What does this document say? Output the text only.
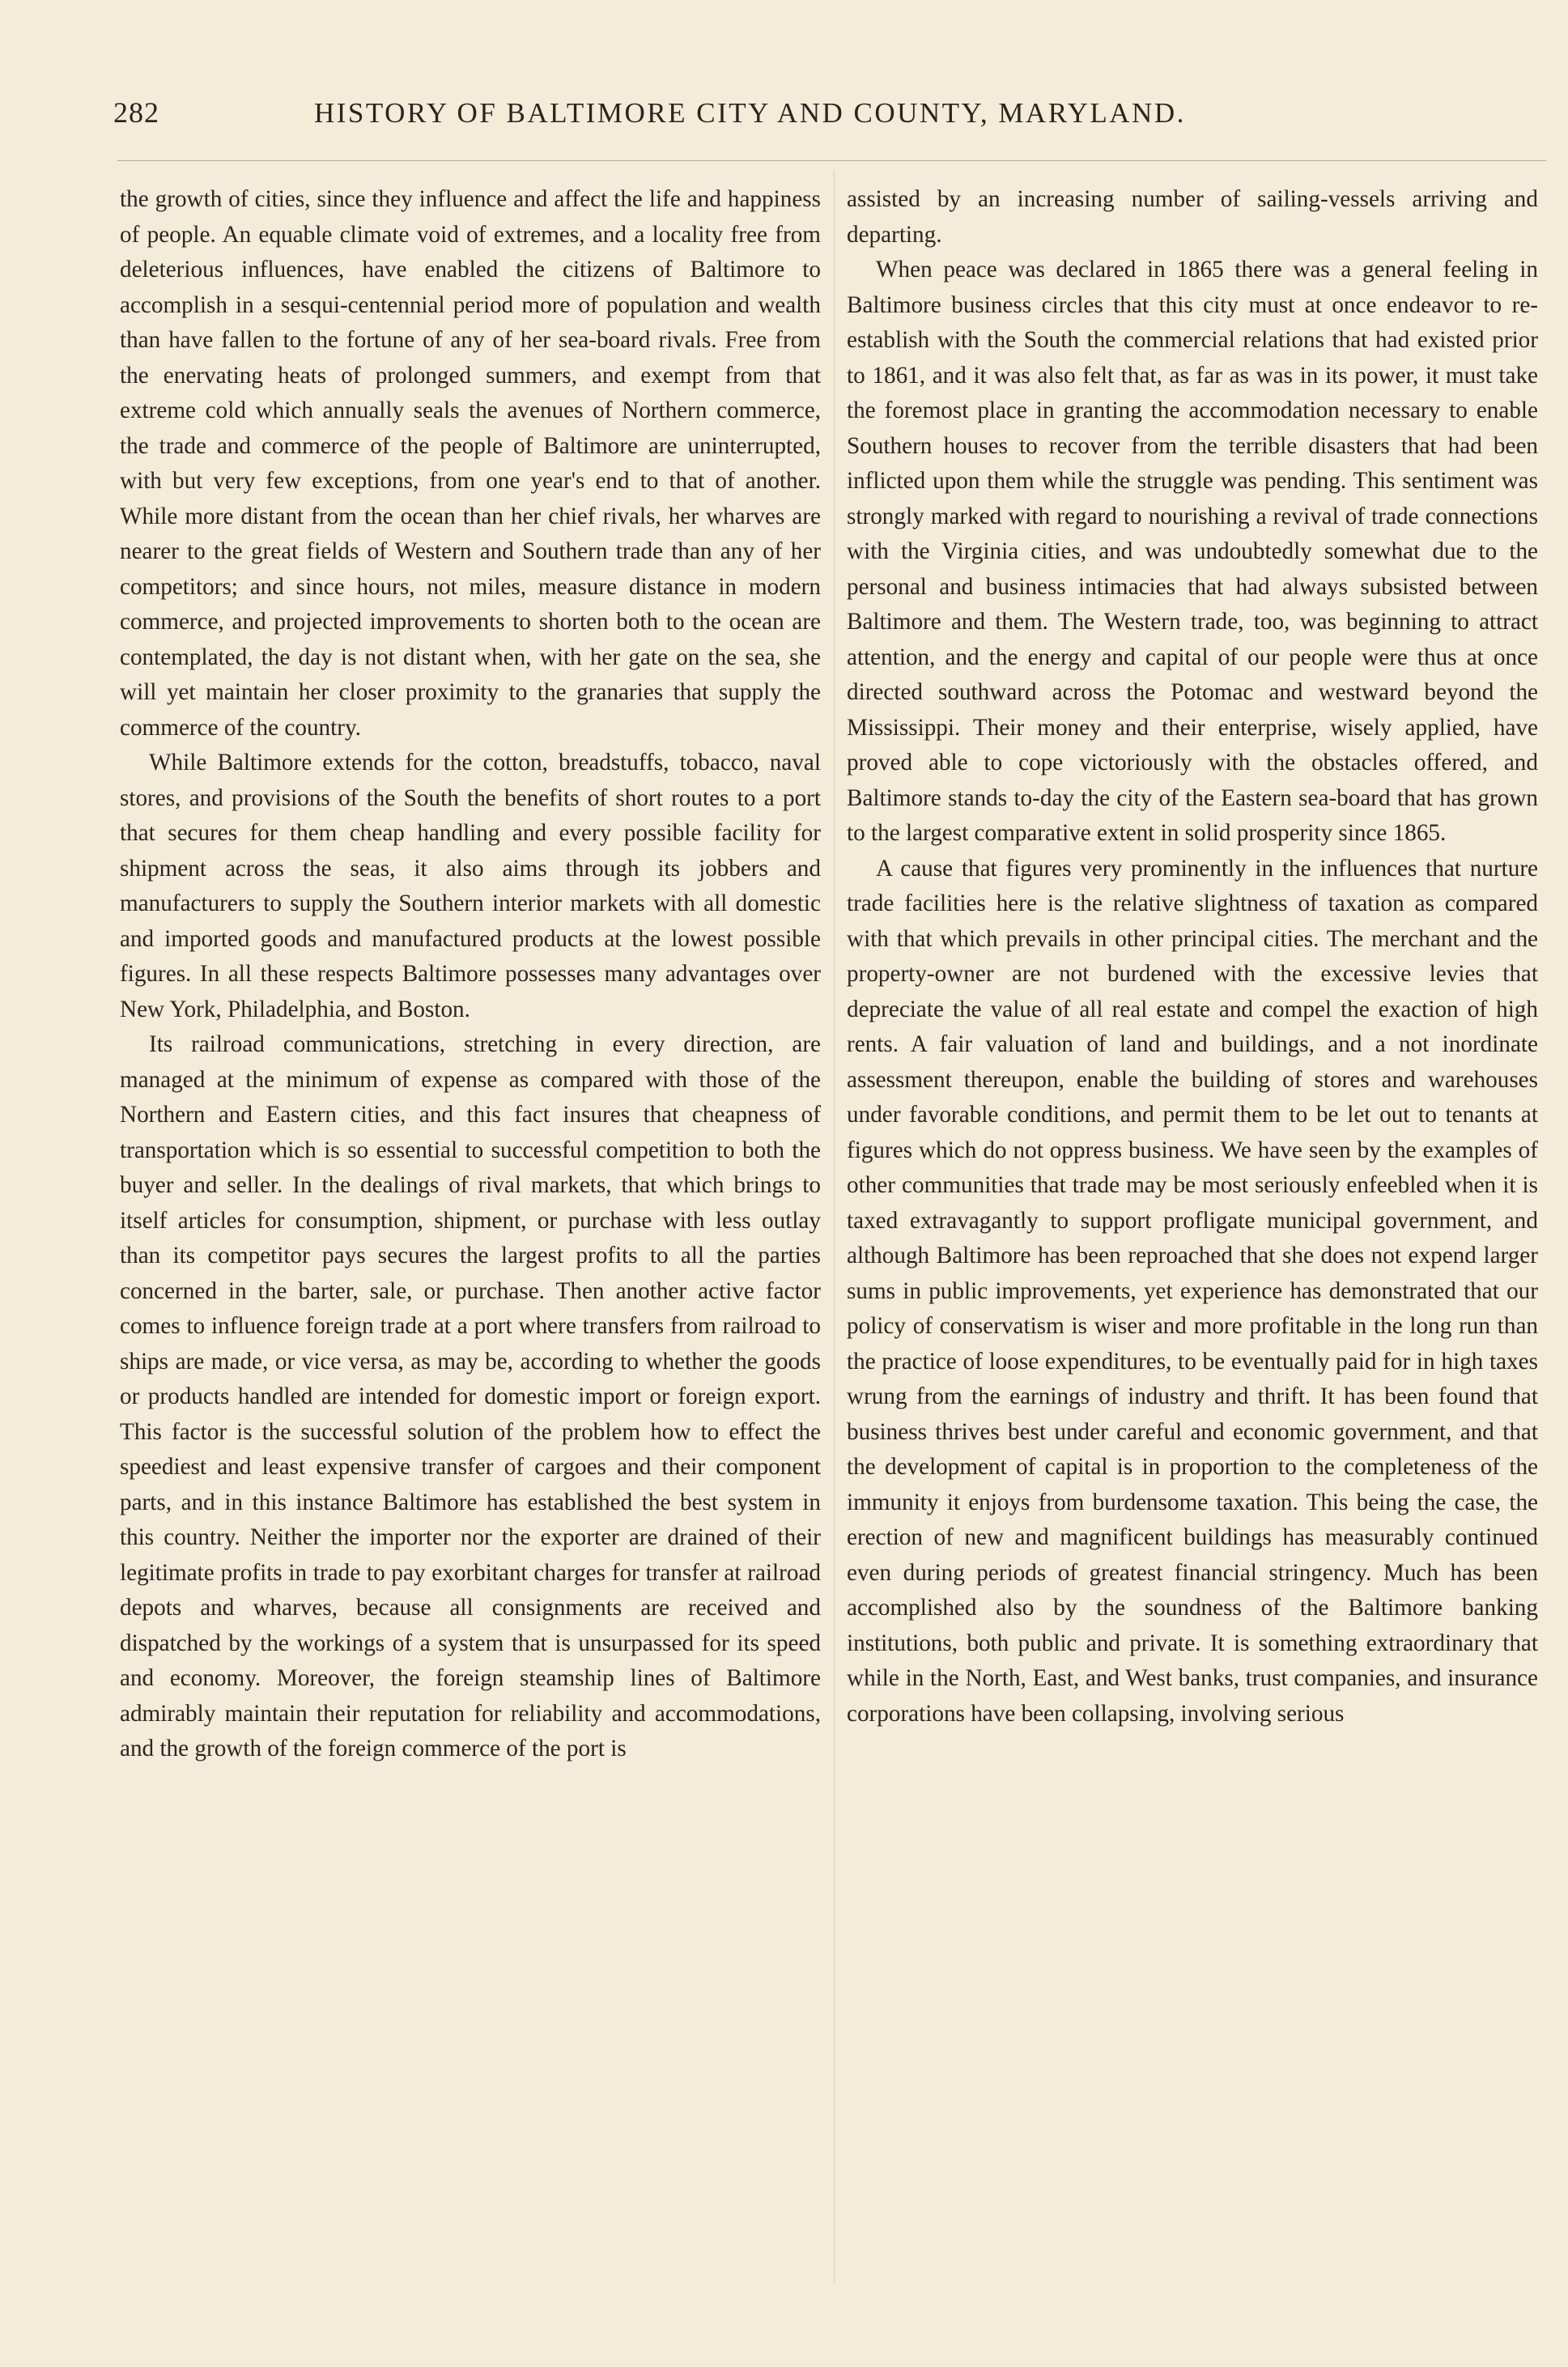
282	HISTORY OF BALTIMORE CITY AND COUNTY, MARYLAND.

the growth of cities, since they influence and affect the life and happiness of people. An equable climate void of extremes, and a locality free from deleterious influences, have enabled the citizens of Baltimore to accomplish in a sesqui-centennial period more of population and wealth than have fallen to the fortune of any of her sea-board rivals. Free from the enervating heats of prolonged summers, and exempt from that extreme cold which annually seals the avenues of Northern commerce, the trade and commerce of the people of Baltimore are uninterrupted, with but very few exceptions, from one year's end to that of another. While more distant from the ocean than her chief rivals, her wharves are nearer to the great fields of Western and Southern trade than any of her competitors; and since hours, not miles, measure distance in modern commerce, and projected improvements to shorten both to the ocean are contemplated, the day is not distant when, with her gate on the sea, she will yet maintain her closer proximity to the granaries that supply the commerce of the country.

While Baltimore extends for the cotton, breadstuffs, tobacco, naval stores, and provisions of the South the benefits of short routes to a port that secures for them cheap handling and every possible facility for shipment across the seas, it also aims through its jobbers and manufacturers to supply the Southern interior markets with all domestic and imported goods and manufactured products at the lowest possible figures. In all these respects Baltimore possesses many advantages over New York, Philadelphia, and Boston.

Its railroad communications, stretching in every direction, are managed at the minimum of expense as compared with those of the Northern and Eastern cities, and this fact insures that cheapness of transportation which is so essential to successful competition to both the buyer and seller. In the dealings of rival markets, that which brings to itself articles for consumption, shipment, or purchase with less outlay than its competitor pays secures the largest profits to all the parties concerned in the barter, sale, or purchase. Then another active factor comes to influence foreign trade at a port where transfers from railroad to ships are made, or vice versa, as may be, according to whether the goods or products handled are intended for domestic import or foreign export. This factor is the successful solution of the problem how to effect the speediest and least expensive transfer of cargoes and their component parts, and in this instance Baltimore has established the best system in this country. Neither the importer nor the exporter are drained of their legitimate profits in trade to pay exorbitant charges for transfer at railroad depots and wharves, because all consignments are received and dispatched by the workings of a system that is unsurpassed for its speed and economy. Moreover, the foreign steamship lines of Baltimore admirably maintain their reputation for reliability and accommodations, and the growth of the foreign commerce of the port is

assisted by an increasing number of sailing-vessels arriving and departing.

When peace was declared in 1865 there was a general feeling in Baltimore business circles that this city must at once endeavor to re-establish with the South the commercial relations that had existed prior to 1861, and it was also felt that, as far as was in its power, it must take the foremost place in granting the accommodation necessary to enable Southern houses to recover from the terrible disasters that had been inflicted upon them while the struggle was pending. This sentiment was strongly marked with regard to nourishing a revival of trade connections with the Virginia cities, and was undoubtedly somewhat due to the personal and business intimacies that had always subsisted between Baltimore and them. The Western trade, too, was beginning to attract attention, and the energy and capital of our people were thus at once directed southward across the Potomac and westward beyond the Mississippi. Their money and their enterprise, wisely applied, have proved able to cope victoriously with the obstacles offered, and Baltimore stands to-day the city of the Eastern sea-board that has grown to the largest comparative extent in solid prosperity since 1865.

A cause that figures very prominently in the influences that nurture trade facilities here is the relative slightness of taxation as compared with that which prevails in other principal cities. The merchant and the property-owner are not burdened with the excessive levies that depreciate the value of all real estate and compel the exaction of high rents. A fair valuation of land and buildings, and a not inordinate assessment thereupon, enable the building of stores and warehouses under favorable conditions, and permit them to be let out to tenants at figures which do not oppress business. We have seen by the examples of other communities that trade may be most seriously enfeebled when it is taxed extravagantly to support profligate municipal government, and although Baltimore has been reproached that she does not expend larger sums in public improvements, yet experience has demonstrated that our policy of conservatism is wiser and more profitable in the long run than the practice of loose expenditures, to be eventually paid for in high taxes wrung from the earnings of industry and thrift. It has been found that business thrives best under careful and economic government, and that the development of capital is in proportion to the completeness of the immunity it enjoys from burdensome taxation. This being the case, the erection of new and magnificent buildings has measurably continued even during periods of greatest financial stringency. Much has been accomplished also by the soundness of the Baltimore banking institutions, both public and private. It is something extraordinary that while in the North, East, and West banks, trust companies, and insurance corporations have been collapsing, involving serious
